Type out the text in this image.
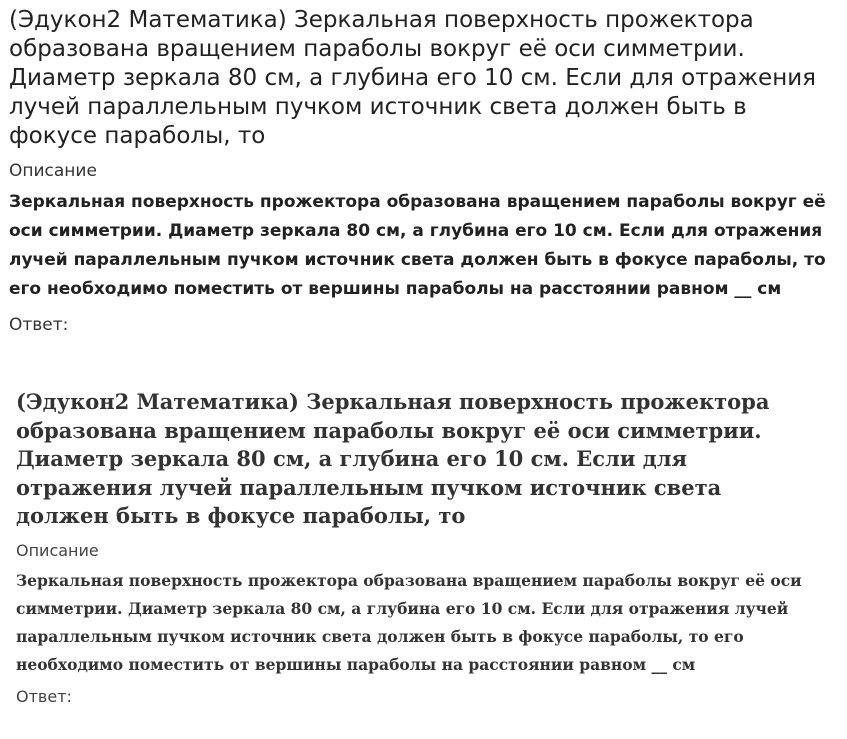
(Эдукон2 Математика) Зеркальная поверхность прожектора образована вращением параболы вокруг её оси симметрии. Диаметр зеркала 80 см, а глубина его 10 см. Если для отражения лучей параллельным пучком источник света должен быть в фокусе параболы, то
Описание
Зеркальная поверхность прожектора образована вращением параболы вокруг её оси симметрии. Диаметр зеркала 80 см, а глубина его 10 см. Если для отражения лучей параллельным пучком источник света должен быть в фокусе параболы, то его необходимо поместить от вершины параболы на расстоянии равном __ см
Ответ:
(Эдукон2 Математика) Зеркальная поверхность прожектора образована вращением параболы вокруг её оси симметрии. Диаметр зеркала 80 см, а глубина его 10 см. Если для отражения лучей параллельным пучком источник света должен быть в фокусе параболы, то
Описание
Зеркальная поверхность прожектора образована вращением параболы вокруг её оси симметрии. Диаметр зеркала 80 см, а глубина его 10 см. Если для отражения лучей параллельным пучком источник света должен быть в фокусе параболы, то его необходимо поместить от вершины параболы на расстоянии равном __ см
Ответ:
